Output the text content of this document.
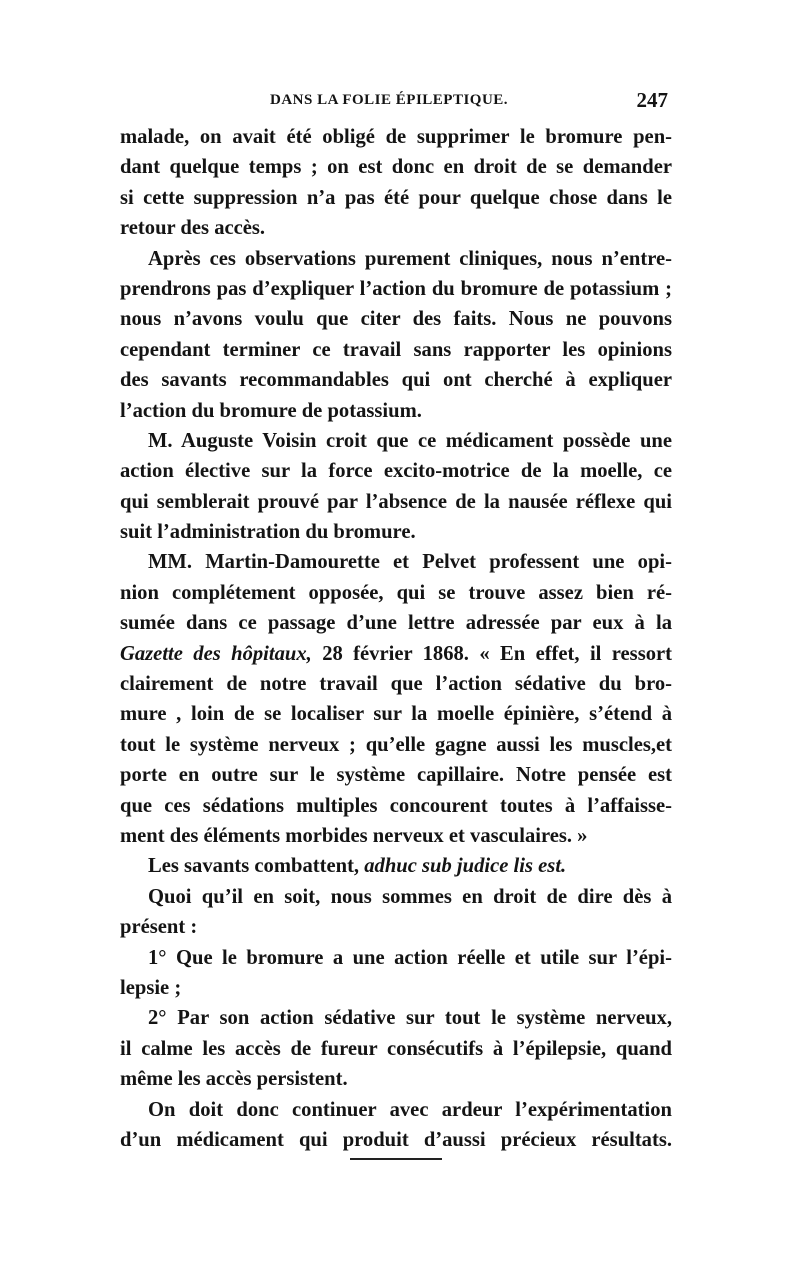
DANS LA FOLIE ÉPILEPTIQUE.	247
malade, on avait été obligé de supprimer le bromure pen-
dant quelque temps ; on est donc en droit de se demander
si cette suppression n’a pas été pour quelque chose dans le
retour des accès.
Après ces observations purement cliniques, nous n’entre-
prendrons pas d’expliquer l’action du bromure de potassium ;
nous n’avons voulu que citer des faits. Nous ne pouvons
cependant terminer ce travail sans rapporter les opinions
des savants recommandables qui ont cherché à expliquer
l’action du bromure de potassium.
M. Auguste Voisin croit que ce médicament possède une
action élective sur la force excito-motrice de la moelle, ce
qui semblerait prouvé par l’absence de la nausée réflexe qui
suit l’administration du bromure.
MM. Martin-Damourette et Pelvet professent une opi-
nion complétement opposée, qui se trouve assez bien ré-
sumée dans ce passage d’une lettre adressée par eux à la
Gazette des hôpitaux, 28 février 1868. « En effet, il ressort
clairement de notre travail que l’action sédative du bro-
mure , loin de se localiser sur la moelle épinière, s’étend à
tout le système nerveux ; qu’elle gagne aussi les muscles,et
porte en outre sur le système capillaire. Notre pensée est
que ces sédations multiples concourent toutes à l’affaisse-
ment des éléments morbides nerveux et vasculaires. »
Les savants combattent, adhuc sub judice lis est.
Quoi qu’il en soit, nous sommes en droit de dire dès à
présent :
1° Que le bromure a une action réelle et utile sur l’épi-
lepsie ;
2° Par son action sédative sur tout le système nerveux,
il calme les accès de fureur consécutifs à l’épilepsie, quand
même les accès persistent.
On doit donc continuer avec ardeur l’expérimentation
d’un médicament qui produit d’aussi précieux résultats.
